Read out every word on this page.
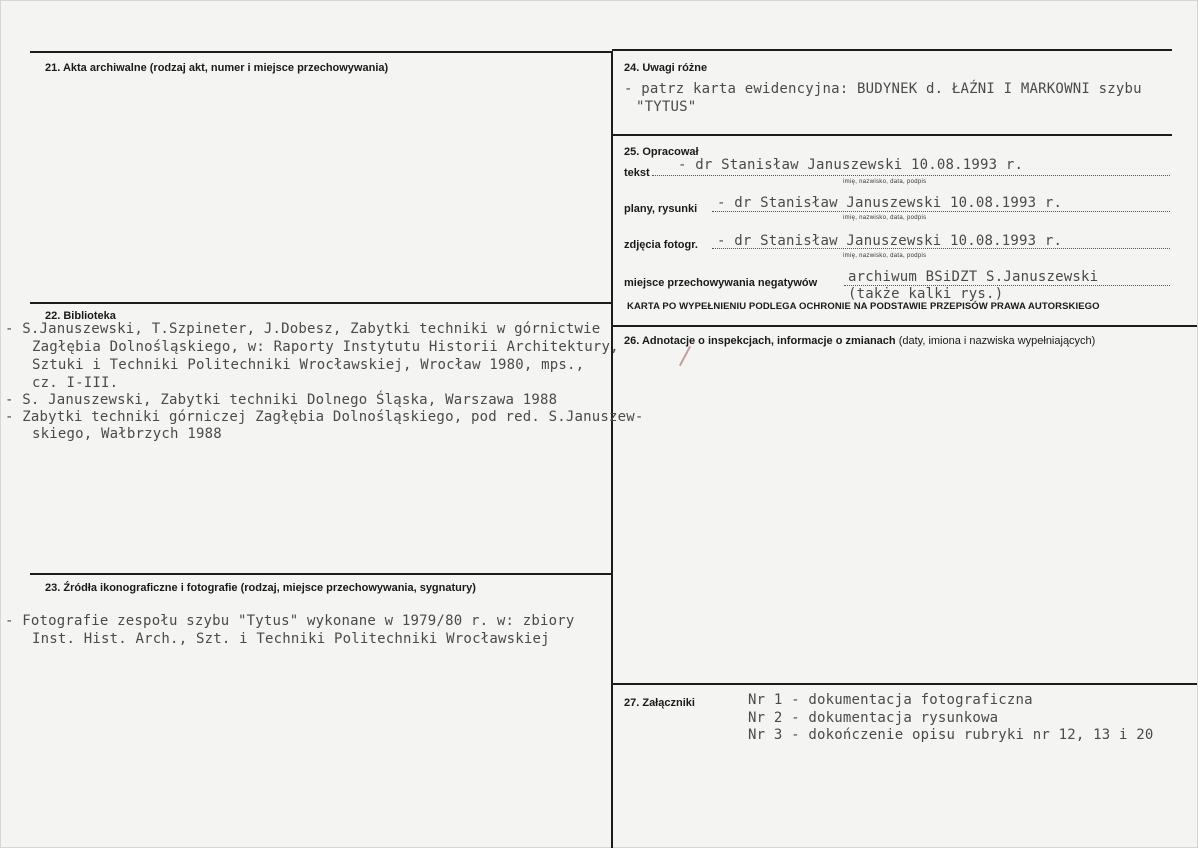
21. Akta archiwalne (rodzaj akt, numer i miejsce przechowywania)
22. Biblioteka
- S.Januszewski, T.Szpineter, J.Dobesz, Zabytki techniki w górnictwie
Zagłębia Dolnośląskiego, w: Raporty Instytutu Historii Architektury,
Sztuki i Techniki Politechniki Wrocławskiej, Wrocław 1980, mps.,
cz. I-III.
- S. Januszewski, Zabytki techniki Dolnego Śląska, Warszawa 1988
- Zabytki techniki górniczej Zagłębia Dolnośląskiego, pod red. S.Januszew-
skiego, Wałbrzych 1988
23. Źródła ikonograficzne i fotografie (rodzaj, miejsce przechowywania, sygnatury)
- Fotografie zespołu szybu "Tytus" wykonane w 1979/80 r. w: zbiory
Inst. Hist. Arch., Szt. i Techniki Politechniki Wrocławskiej
24. Uwagi różne
- patrz karta ewidencyjna: BUDYNEK d. ŁAŹNI I MARKOWNI szybu
"TYTUS"
25. Opracował
tekst - dr Stanisław Januszewski 10.08.1993 r.
imię, nazwisko, data, podpis
plany, rysunki - dr Stanisław Januszewski 10.08.1993 r.
imię, nazwisko, data, podpis
zdjęcia fotogr. - dr Stanisław Januszewski 10.08.1993 r.
imię, nazwisko, data, podpis
miejsce przechowywania negatywów archiwum BSiDZT S.Januszewski
(także kalki rys.)
KARTA PO WYPEŁNIENIU PODLEGA OCHRONIE NA PODSTAWIE PRZEPISÓW PRAWA AUTORSKIEGO
26. Adnotacje o inspekcjach, informacje o zmianach (daty, imiona i nazwiska wypełniających)
27. Załączniki	Nr 1 - dokumentacja fotograficzna
Nr 2 - dokumentacja rysunkowa
Nr 3 - dokończenie opisu rubryki nr 12, 13 i 20
